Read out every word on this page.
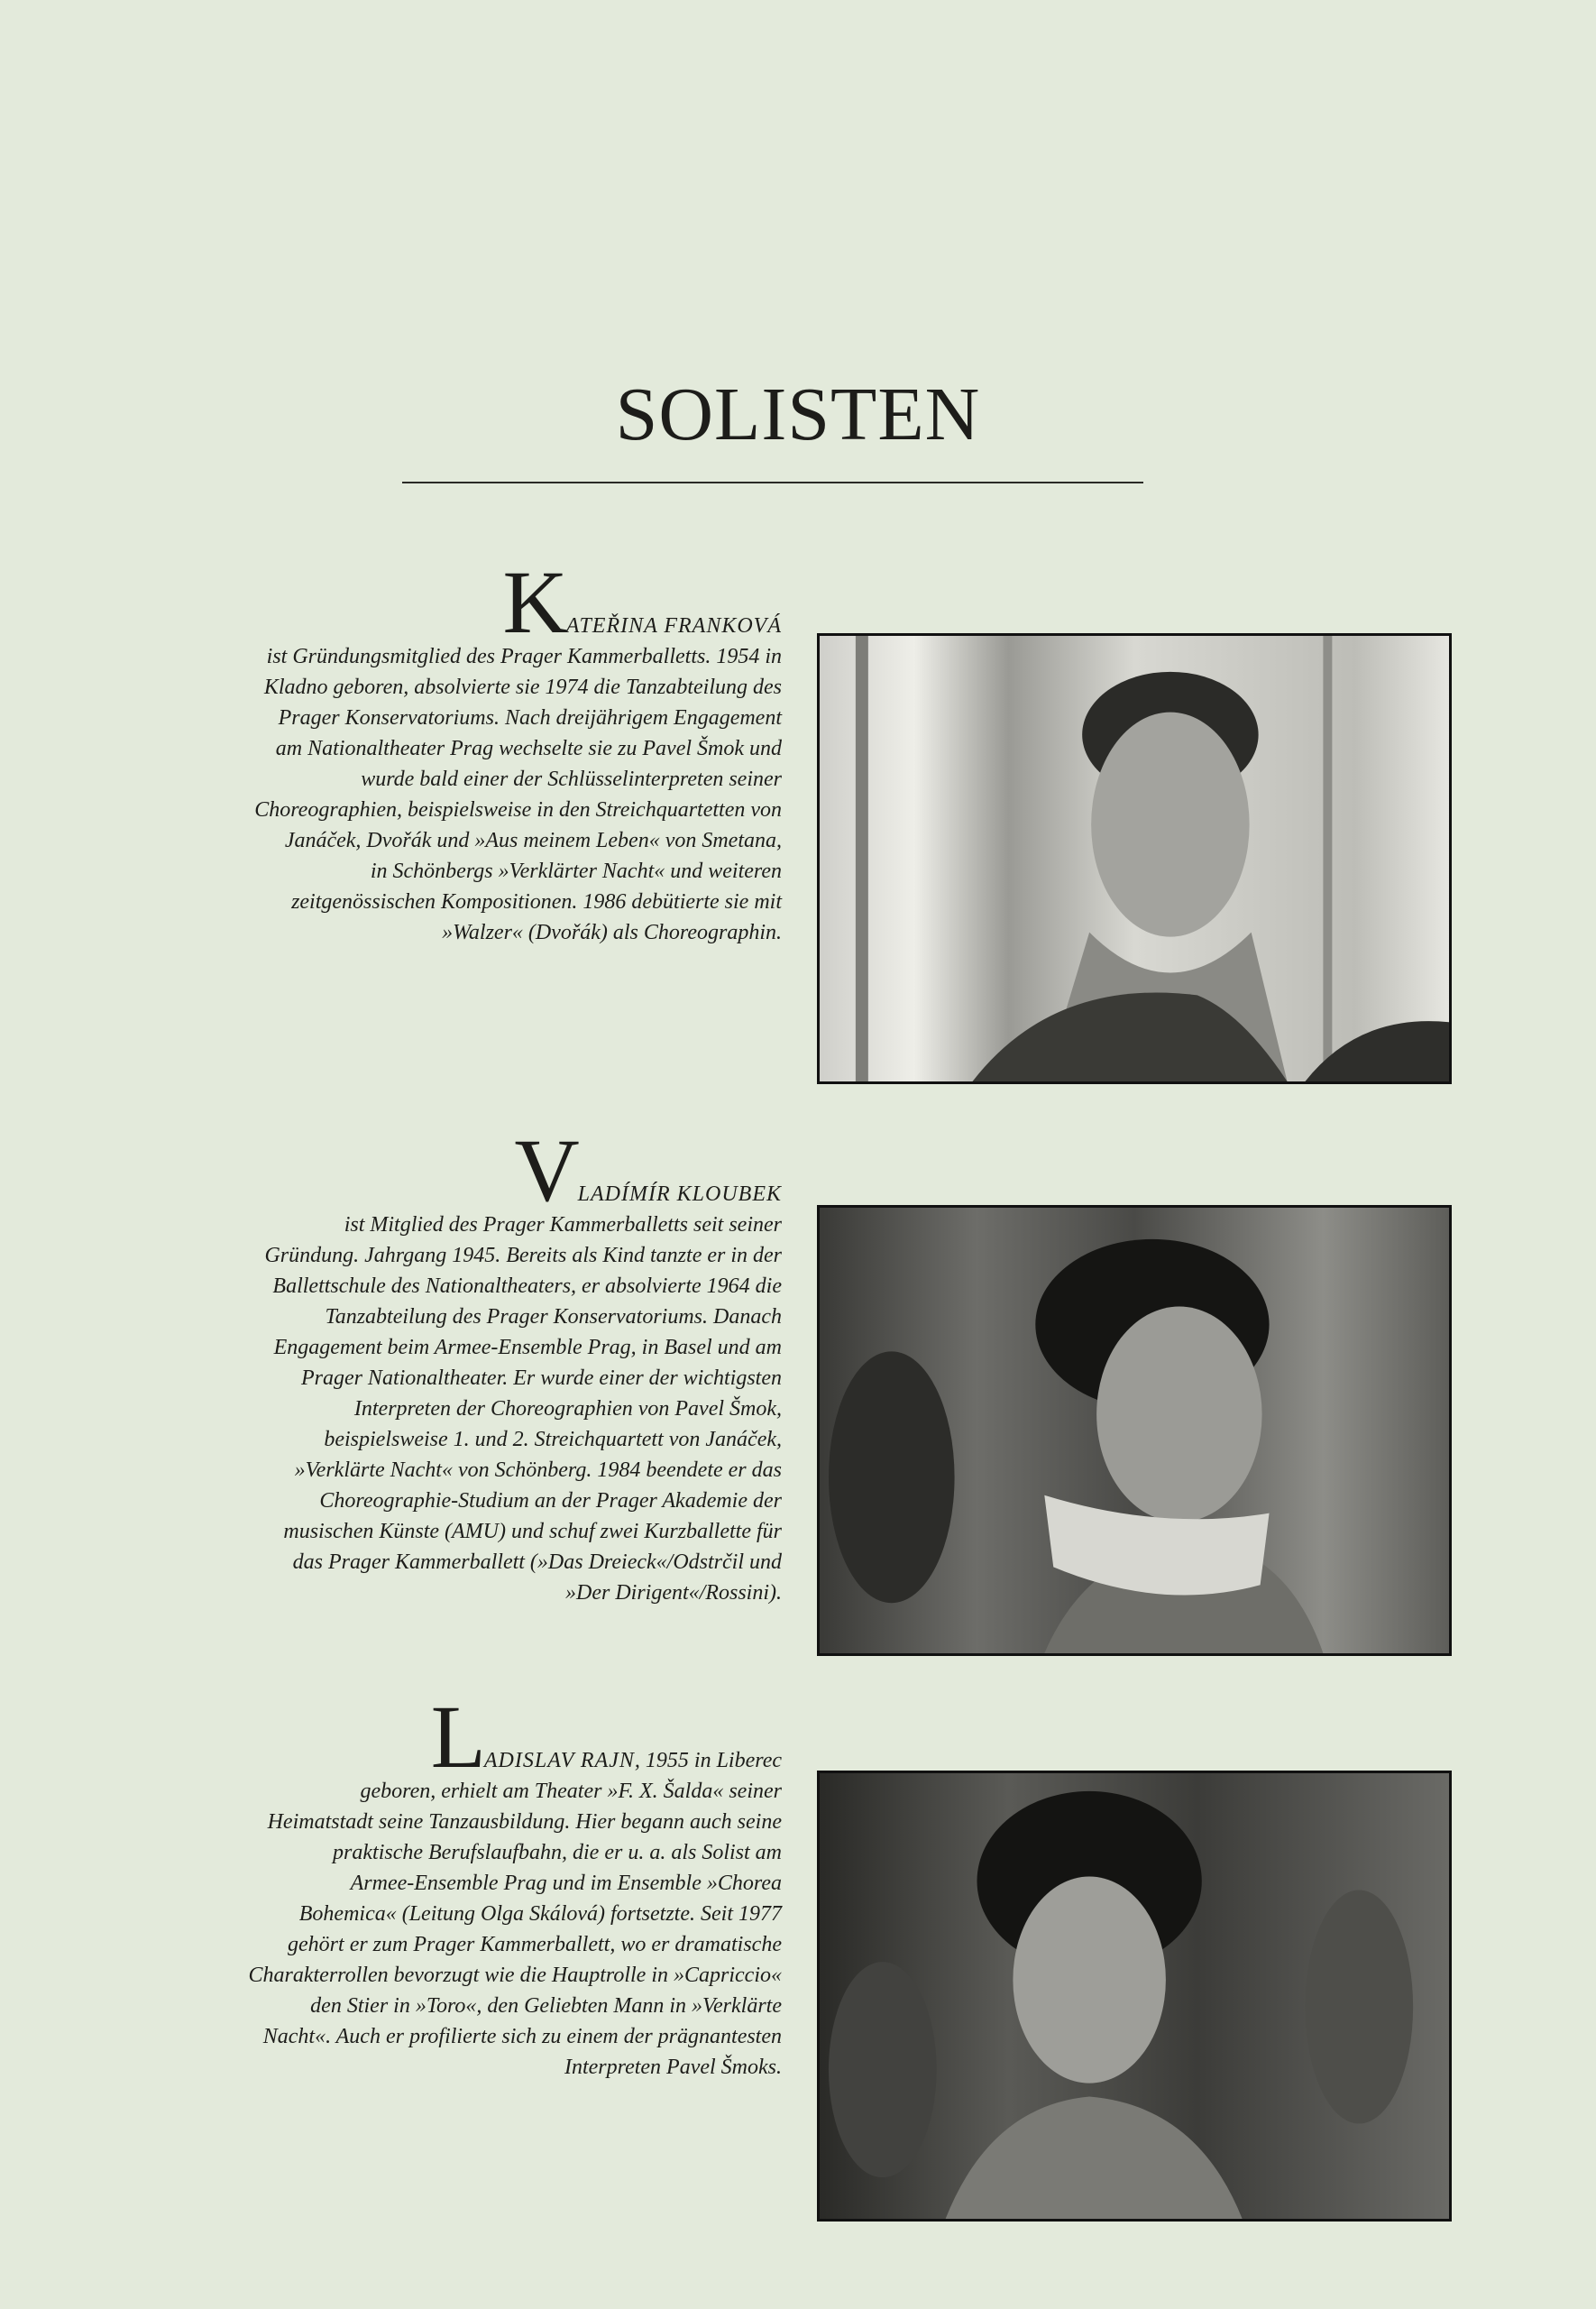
SOLISTEN

KATEŘINA FRANKOVÁ
ist Gründungsmitglied des Prager Kammerballetts. 1954 in
Kladno geboren, absolvierte sie 1974 die Tanzabteilung des
Prager Konservatoriums. Nach dreijährigem Engagement
am Nationaltheater Prag wechselte sie zu Pavel Šmok und
wurde bald einer der Schlüsselinterpreten seiner
Choreographien, beispielsweise in den Streichquartetten von
Janáček, Dvořák und »Aus meinem Leben« von Smetana,
in Schönbergs »Verklärter Nacht« und weiteren
zeitgenössischen Kompositionen. 1986 debütierte sie mit
»Walzer« (Dvořák) als Choreographin.

VLADÍMÍR KLOUBEK
ist Mitglied des Prager Kammerballetts seit seiner
Gründung. Jahrgang 1945. Bereits als Kind tanzte er in der
Ballettschule des Nationaltheaters, er absolvierte 1964 die
Tanzabteilung des Prager Konservatoriums. Danach
Engagement beim Armee-Ensemble Prag, in Basel und am
Prager Nationaltheater. Er wurde einer der wichtigsten
Interpreten der Choreographien von Pavel Šmok,
beispielsweise 1. und 2. Streichquartett von Janáček,
»Verklärte Nacht« von Schönberg. 1984 beendete er das
Choreographie-Studium an der Prager Akademie der
musischen Künste (AMU) und schuf zwei Kurzballette für
das Prager Kammerballett (»Das Dreieck«/Odstrčil und
»Der Dirigent«/Rossini).

LADISLAV RAJN, 1955 in Liberec
geboren, erhielt am Theater »F. X. Šalda« seiner
Heimatstadt seine Tanzausbildung. Hier begann auch seine
praktische Berufslaufbahn, die er u. a. als Solist am
Armee-Ensemble Prag und im Ensemble »Chorea
Bohemica« (Leitung Olga Skálová) fortsetzte. Seit 1977
gehört er zum Prager Kammerballett, wo er dramatische
Charakterrollen bevorzugt wie die Hauptrolle in »Capriccio«
den Stier in »Toro«, den Geliebten Mann in »Verklärte
Nacht«. Auch er profilierte sich zu einem der prägnantesten
Interpreten Pavel Šmoks.
